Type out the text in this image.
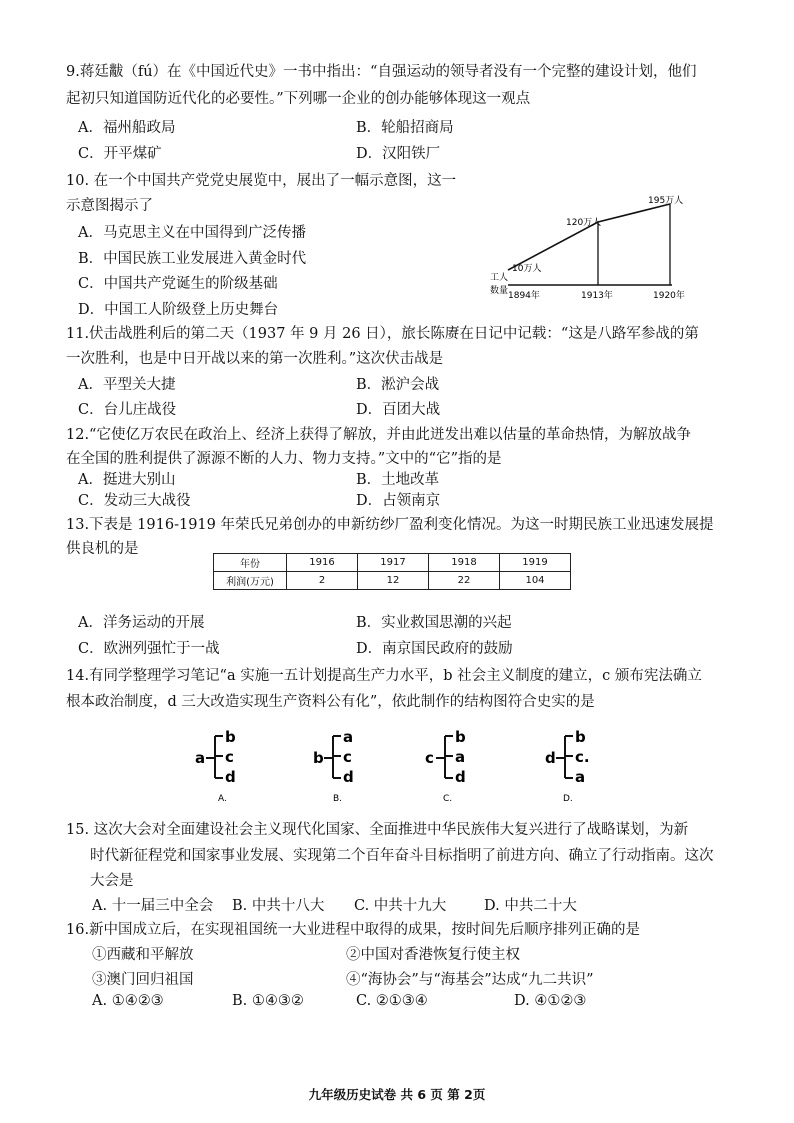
9.蒋廷黻（fú）在《中国近代史》一书中指出：“自强运动的领导者没有一个完整的建设计划，他们
起初只知道国防近代化的必要性。”下列哪一企业的创办能够体现这一观点
A．福州船政局	B．轮船招商局
C．开平煤矿	D．汉阳铁厂
10. 在一个中国共产党党史展览中，展出了一幅示意图，这一
示意图揭示了
A．马克思主义在中国得到广泛传播
B．中国民族工业发展进入黄金时代
C．中国共产党诞生的阶级基础
D．中国工人阶级登上历史舞台
10万人
120万人
195万人
工人
数量 1894年	1913年	1920年
11.伏击战胜利后的第二天（1937 年 9 月 26 日），旅长陈赓在日记中记载：“这是八路军参战的第
一次胜利，也是中日开战以来的第一次胜利。”这次伏击战是
A．平型关大捷	B．淞沪会战
C．台儿庄战役	D．百团大战
12.“它使亿万农民在政治上、经济上获得了解放，并由此迸发出难以估量的革命热情，为解放战争
在全国的胜利提供了源源不断的人力、物力支持。”文中的“它”指的是
A．挺进大别山	B．土地改革
C．发动三大战役	D．占领南京
13.下表是 1916-1919 年荣氏兄弟创办的申新纺纱厂盈利变化情况。为这一时期民族工业迅速发展提
供良机的是
年份	1916	1917	1918	1919
利润(万元)	2	12	22	104
A．洋务运动的开展	B．实业救国思潮的兴起
C．欧洲列强忙于一战	D．南京国民政府的鼓励
14.有同学整理学习笔记“a 实施一五计划提高生产力水平，b 社会主义制度的建立，c 颁布宪法确立
根本政治制度，d 三大改造实现生产资料公有化”，依此制作的结构图符合史实的是
a
b
c
d
A.
b
a
c
d
B.
c
b
a
d
C.
d
b
c.
a
D.
15. 这次大会对全面建设社会主义现代化国家、全面推进中华民族伟大复兴进行了战略谋划，为新
时代新征程党和国家事业发展、实现第二个百年奋斗目标指明了前进方向、确立了行动指南。这次
大会是
A. 十一届三中全会 B. 中共十八大 C. 中共十九大	D. 中共二十大
16.新中国成立后，在实现祖国统一大业进程中取得的成果，按时间先后顺序排列正确的是
①西藏和平解放	②中国对香港恢复行使主权
③澳门回归祖国	④“海协会”与“海基会”达成“九二共识”
A. ①④②③	B. ①④③②	C. ②①③④	D. ④①②③
九年级历史试卷 共 6 页 第 2页
